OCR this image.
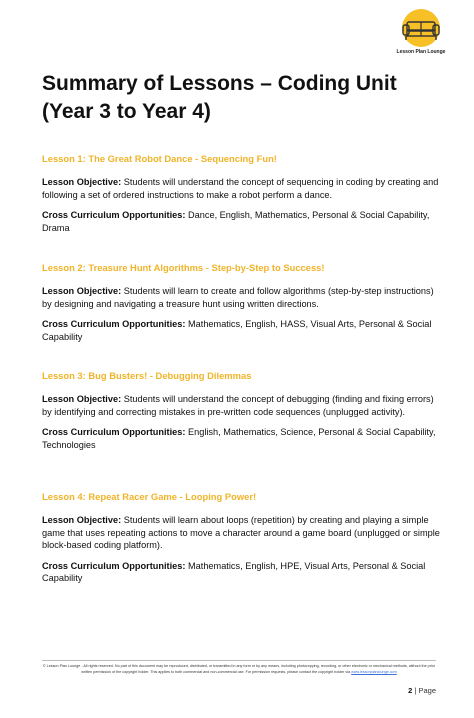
Lesson Plan Lounge
Summary of Lessons – Coding Unit (Year 3 to Year 4)
Lesson 1: The Great Robot Dance - Sequencing Fun!

Lesson Objective: Students will understand the concept of sequencing in coding by creating and following a set of ordered instructions to make a robot perform a dance.

Cross Curriculum Opportunities: Dance, English, Mathematics, Personal & Social Capability, Drama

Lesson 2: Treasure Hunt Algorithms - Step-by-Step to Success!

Lesson Objective: Students will learn to create and follow algorithms (step-by-step instructions) by designing and navigating a treasure hunt using written directions.

Cross Curriculum Opportunities: Mathematics, English, HASS, Visual Arts, Personal & Social Capability

Lesson 3: Bug Busters! - Debugging Dilemmas

Lesson Objective: Students will understand the concept of debugging (finding and fixing errors) by identifying and correcting mistakes in pre-written code sequences (unplugged activity).

Cross Curriculum Opportunities: English, Mathematics, Science, Personal & Social Capability, Technologies

Lesson 4: Repeat Racer Game - Looping Power!

Lesson Objective: Students will learn about loops (repetition) by creating and playing a simple game that uses repeating actions to move a character around a game board (unplugged or simple block-based coding platform).

Cross Curriculum Opportunities: Mathematics, English, HPE, Visual Arts, Personal & Social Capability

© Lesson Plan Lounge - All rights reserved. No part of this document may be reproduced, distributed, or transmitted in any form or by any means, including photocopying, recording, or other electronic or mechanical methods, without the prior written permission of the copyright holder. This applies to both commercial and non-commercial use. For permission requests, please contact the copyright holder via www.lessonplanlounge.com
2 | Page
